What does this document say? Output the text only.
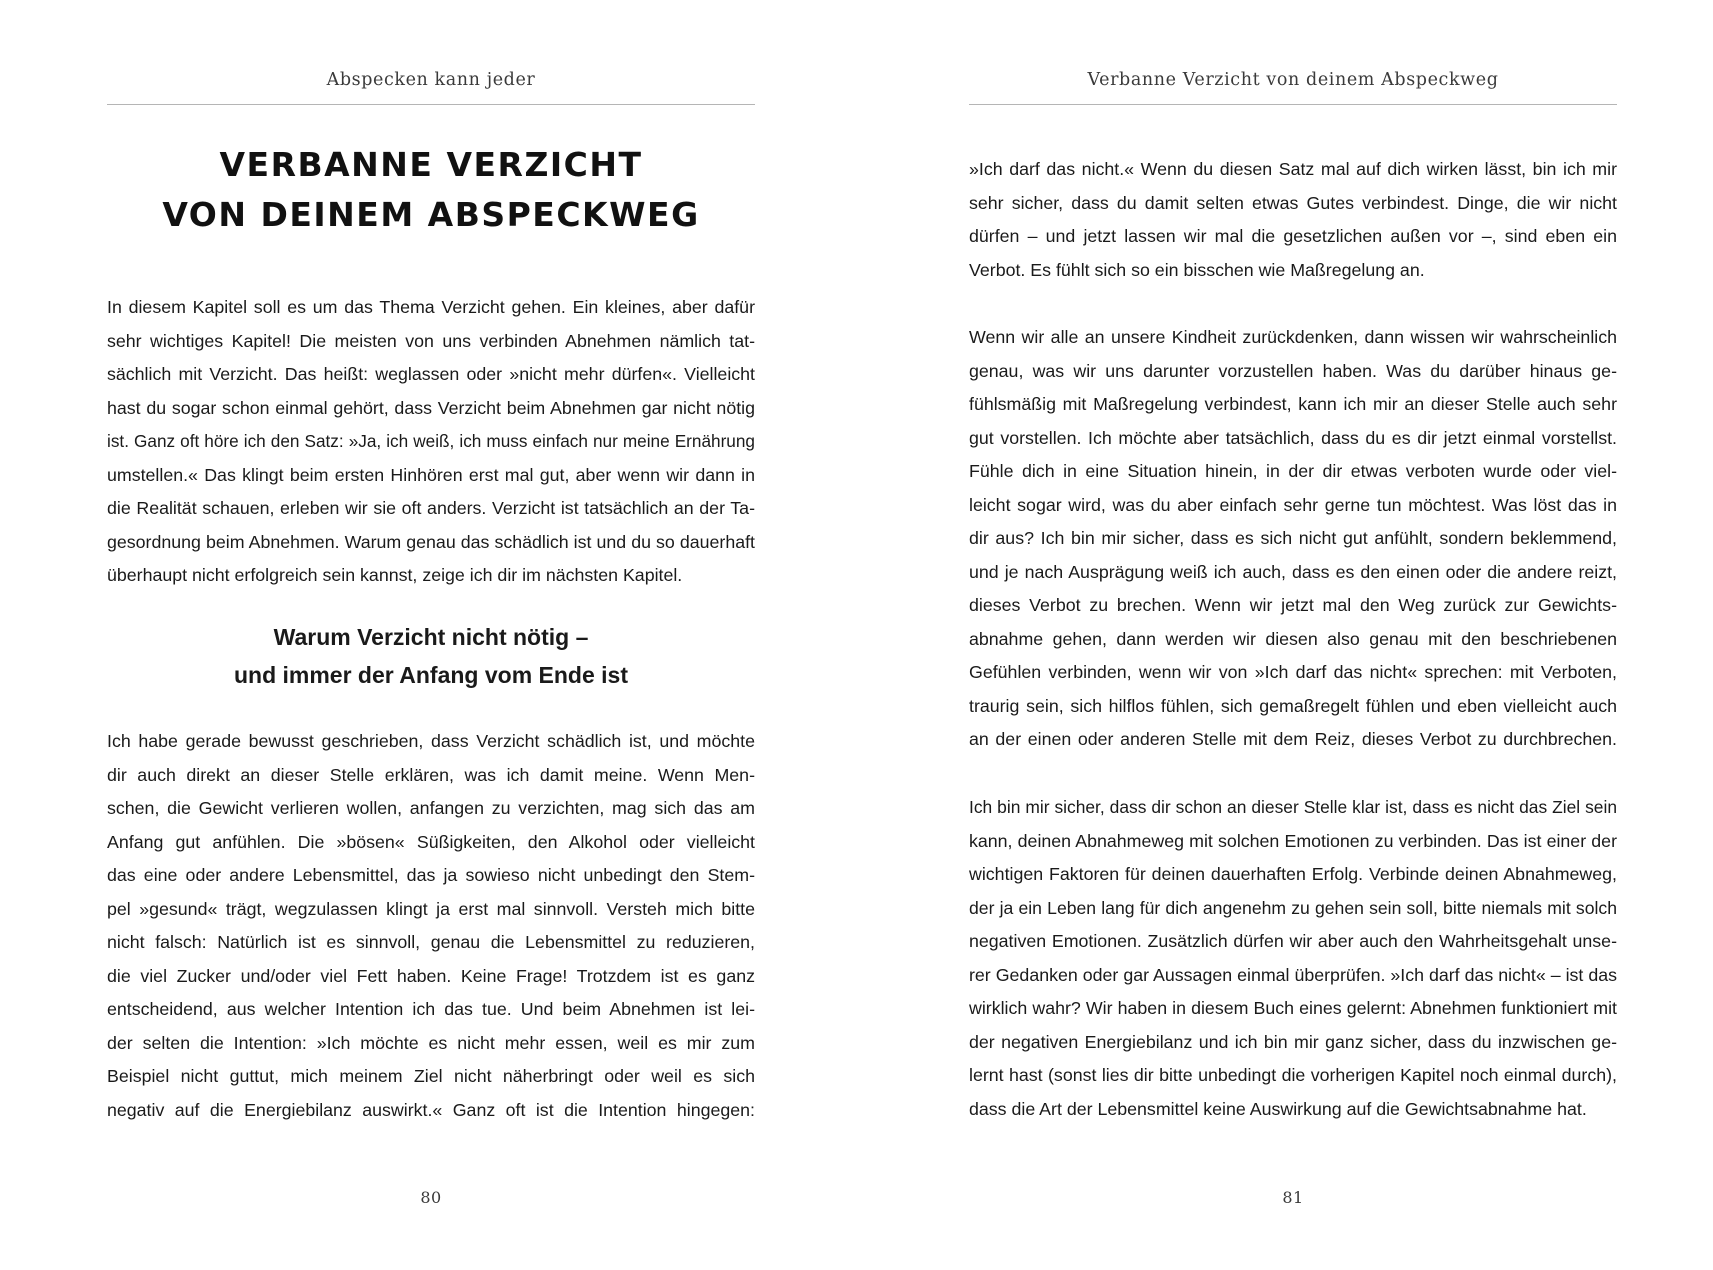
Abspecken kann jeder
VERBANNE VERZICHT
VON DEINEM ABSPECKWEG

In diesem Kapitel soll es um das Thema Verzicht gehen. Ein kleines, aber dafür
sehr wichtiges Kapitel! Die meisten von uns verbinden Abnehmen nämlich tat-
sächlich mit Verzicht. Das heißt: weglassen oder »nicht mehr dürfen«. Vielleicht
hast du sogar schon einmal gehört, dass Verzicht beim Abnehmen gar nicht nötig
ist. Ganz oft höre ich den Satz: »Ja, ich weiß, ich muss einfach nur meine Ernährung
umstellen.« Das klingt beim ersten Hinhören erst mal gut, aber wenn wir dann in
die Realität schauen, erleben wir sie oft anders. Verzicht ist tatsächlich an der Ta-
gesordnung beim Abnehmen. Warum genau das schädlich ist und du so dauerhaft
überhaupt nicht erfolgreich sein kannst, zeige ich dir im nächsten Kapitel.

Warum Verzicht nicht nötig –
und immer der Anfang vom Ende ist

Ich habe gerade bewusst geschrieben, dass Verzicht schädlich ist, und möchte
dir auch direkt an dieser Stelle erklären, was ich damit meine. Wenn Men-
schen, die Gewicht verlieren wollen, anfangen zu verzichten, mag sich das am
Anfang gut anfühlen. Die »bösen« Süßigkeiten, den Alkohol oder vielleicht
das eine oder andere Lebensmittel, das ja sowieso nicht unbedingt den Stem-
pel »gesund« trägt, wegzulassen klingt ja erst mal sinnvoll. Versteh mich bitte
nicht falsch: Natürlich ist es sinnvoll, genau die Lebensmittel zu reduzieren,
die viel Zucker und/oder viel Fett haben. Keine Frage! Trotzdem ist es ganz
entscheidend, aus welcher Intention ich das tue. Und beim Abnehmen ist lei-
der selten die Intention: »Ich möchte es nicht mehr essen, weil es mir zum
Beispiel nicht guttut, mich meinem Ziel nicht näherbringt oder weil es sich
negativ auf die Energiebilanz auswirkt.« Ganz oft ist die Intention hingegen:

80
Verbanne Verzicht von deinem Abspeckweg

»Ich darf das nicht.« Wenn du diesen Satz mal auf dich wirken lässt, bin ich mir
sehr sicher, dass du damit selten etwas Gutes verbindest. Dinge, die wir nicht
dürfen – und jetzt lassen wir mal die gesetzlichen außen vor –, sind eben ein
Verbot. Es fühlt sich so ein bisschen wie Maßregelung an.

Wenn wir alle an unsere Kindheit zurückdenken, dann wissen wir wahrscheinlich
genau, was wir uns darunter vorzustellen haben. Was du darüber hinaus ge-
fühlsmäßig mit Maßregelung verbindest, kann ich mir an dieser Stelle auch sehr
gut vorstellen. Ich möchte aber tatsächlich, dass du es dir jetzt einmal vorstellst.
Fühle dich in eine Situation hinein, in der dir etwas verboten wurde oder viel-
leicht sogar wird, was du aber einfach sehr gerne tun möchtest. Was löst das in
dir aus? Ich bin mir sicher, dass es sich nicht gut anfühlt, sondern beklemmend,
und je nach Ausprägung weiß ich auch, dass es den einen oder die andere reizt,
dieses Verbot zu brechen. Wenn wir jetzt mal den Weg zurück zur Gewichts-
abnahme gehen, dann werden wir diesen also genau mit den beschriebenen
Gefühlen verbinden, wenn wir von »Ich darf das nicht« sprechen: mit Verboten,
traurig sein, sich hilflos fühlen, sich gemaßregelt fühlen und eben vielleicht auch
an der einen oder anderen Stelle mit dem Reiz, dieses Verbot zu durchbrechen.

Ich bin mir sicher, dass dir schon an dieser Stelle klar ist, dass es nicht das Ziel sein
kann, deinen Abnahmeweg mit solchen Emotionen zu verbinden. Das ist einer der
wichtigen Faktoren für deinen dauerhaften Erfolg. Verbinde deinen Abnahmeweg,
der ja ein Leben lang für dich angenehm zu gehen sein soll, bitte niemals mit solch
negativen Emotionen. Zusätzlich dürfen wir aber auch den Wahrheitsgehalt unse-
rer Gedanken oder gar Aussagen einmal überprüfen. »Ich darf das nicht« – ist das
wirklich wahr? Wir haben in diesem Buch eines gelernt: Abnehmen funktioniert mit
der negativen Energiebilanz und ich bin mir ganz sicher, dass du inzwischen ge-
lernt hast (sonst lies dir bitte unbedingt die vorherigen Kapitel noch einmal durch),
dass die Art der Lebensmittel keine Auswirkung auf die Gewichtsabnahme hat.

81
